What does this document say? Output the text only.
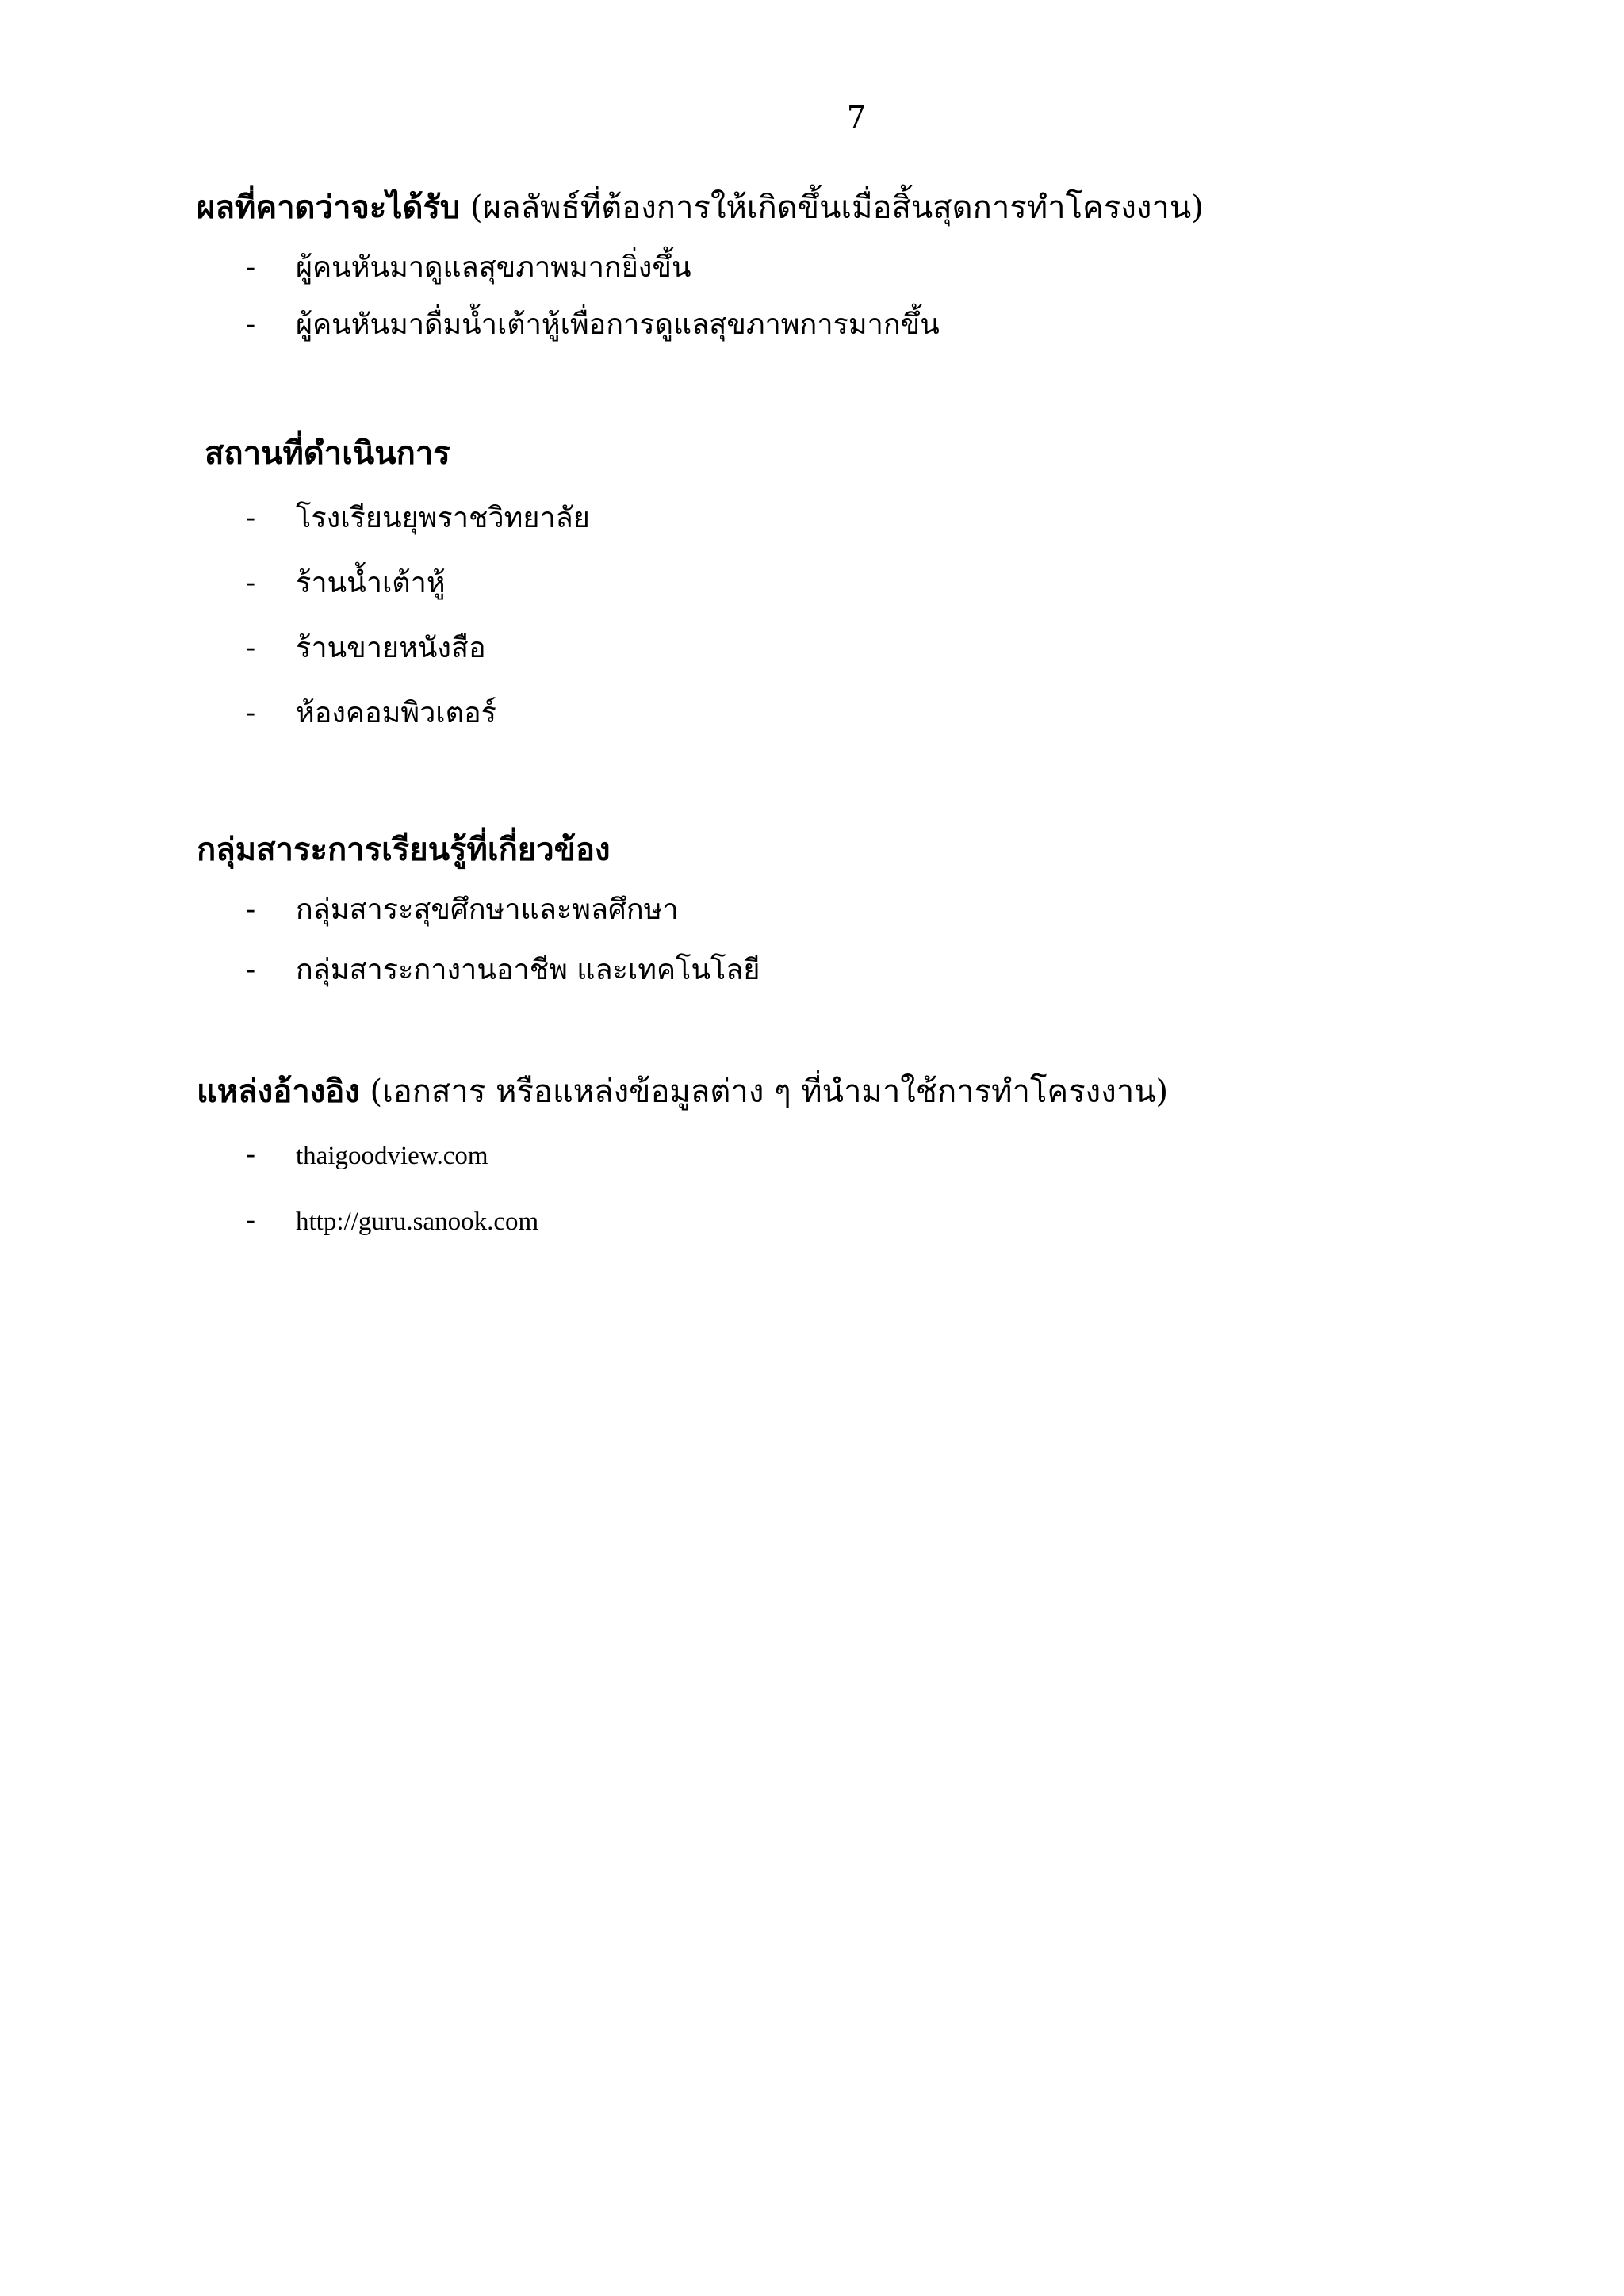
7
ผลที่คาดว่าจะได้รับ (ผลลัพธ์ที่ต้องการให้เกิดขึ้นเมื่อสิ้นสุดการทำโครงงาน)
- ผู้คนหันมาดูแลสุขภาพมากยิ่งขึ้น
- ผู้คนหันมาดื่มน้ำเต้าหู้เพื่อการดูแลสุขภาพการมากขึ้น
สถานที่ดำเนินการ
- โรงเรียนยุพราชวิทยาลัย
- ร้านน้ำเต้าหู้
- ร้านขายหนังสือ
- ห้องคอมพิวเตอร์
กลุ่มสาระการเรียนรู้ที่เกี่ยวข้อง
- กลุ่มสาระสุขศึกษาและพลศึกษา
- กลุ่มสาระกางานอาชีพ และเทคโนโลยี
แหล่งอ้างอิง (เอกสาร หรือแหล่งข้อมูลต่าง ๆ ที่นำมาใช้การทำโครงงาน)
- thaigoodview.com
- http://guru.sanook.com
